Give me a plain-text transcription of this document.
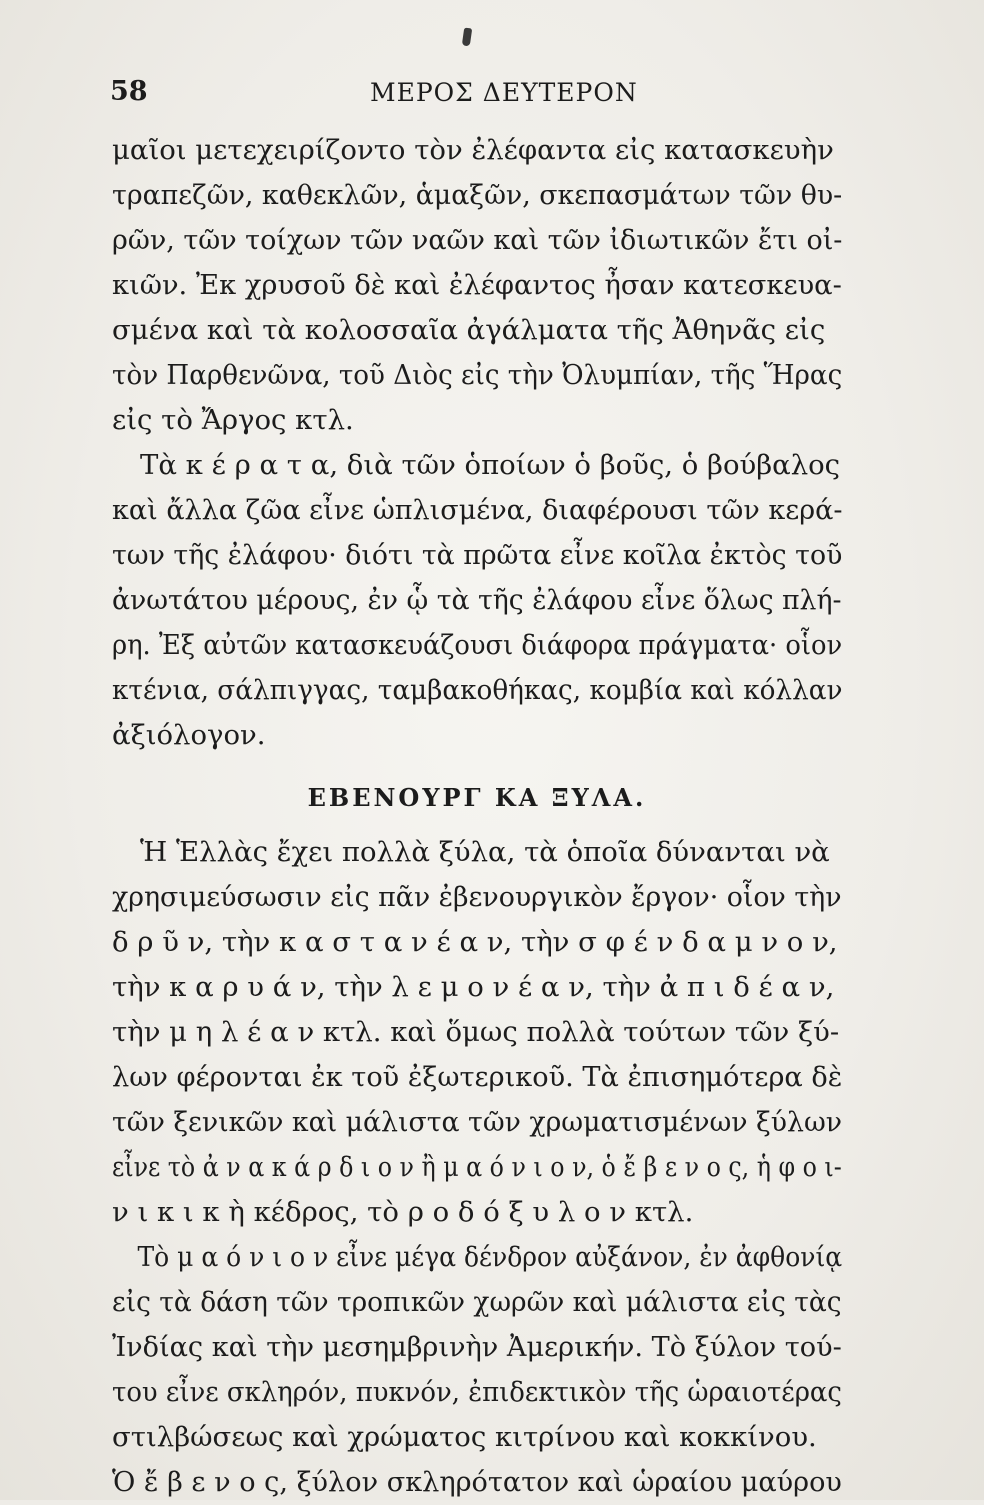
58	ΜΕΡΟΣ ΔΕΥΤΕΡΟΝ
μαῖοι μετεχειρίζοντο τὸν ἐλέφαντα εἰς κατασκευὴν
τραπεζῶν, καθεκλῶν, ἁμαξῶν, σκεπασμάτων τῶν θυ-
ρῶν, τῶν τοίχων τῶν ναῶν καὶ τῶν ἰδιωτικῶν ἔτι οἰ-
κιῶν. Ἐκ χρυσοῦ δὲ καὶ ἐλέφαντος ἦσαν κατεσκευα-
σμένα καὶ τὰ κολοσσαῖα ἀγάλματα τῆς Ἀθηνᾶς εἰς
τὸν Παρθενῶνα, τοῦ Διὸς εἰς τὴν Ὀλυμπίαν, τῆς Ἥρας
εἰς τὸ Ἄργος κτλ.
Τὰ κ έ ρ α τ α, διὰ τῶν ὁποίων ὁ βοῦς, ὁ βούβαλος
καὶ ἄλλα ζῶα εἶνε ὡπλισμένα, διαφέρουσι τῶν κερά-
των τῆς ἐλάφου· διότι τὰ πρῶτα εἶνε κοῖλα ἐκτὸς τοῦ
ἀνωτάτου μέρους, ἐν ᾧ τὰ τῆς ἐλάφου εἶνε ὅλως πλή-
ρη. Ἐξ αὐτῶν κατασκευάζουσι διάφορα πράγματα· οἷον
κτένια, σάλπιγγας, ταμβακοθήκας, κομβία καὶ κόλλαν
ἀξιόλογον.
ΕΒΕΝΟΥΡΓ ΚΑ ΞΥΛΑ.
Ἡ Ἑλλὰς ἔχει πολλὰ ξύλα, τὰ ὁποῖα δύνανται νὰ
χρησιμεύσωσιν εἰς πᾶν ἐβενουργικὸν ἔργον· οἷον τὴν
δ ρ ῦ ν, τὴν κ α σ τ α ν έ α ν, τὴν σ φ έ ν δ α μ ν ο ν,
τὴν κ α ρ υ ά ν, τὴν λ ε μ ο ν έ α ν, τὴν ἀ π ι δ έ α ν,
τὴν μ η λ έ α ν κτλ. καὶ ὅμως πολλὰ τούτων τῶν ξύ-
λων φέρονται ἐκ τοῦ ἐξωτερικοῦ. Τὰ ἐπισημότερα δὲ
τῶν ξενικῶν καὶ μάλιστα τῶν χρωματισμένων ξύλων
εἶνε τὸ ἀ ν α κ ά ρ δ ι ο ν ἢ μ α ό ν ι ο ν, ὁ ἔ β ε ν ο ς, ἡ φ ο ι-
ν ι κ ι κ ὴ κέδρος, τὸ ρ ο δ ό ξ υ λ ο ν κτλ.
Τὸ μ α ό ν ι ο ν εἶνε μέγα δένδρον αὐξάνον, ἐν ἀφθονίᾳ
εἰς τὰ δάση τῶν τροπικῶν χωρῶν καὶ μάλιστα εἰς τὰς
Ἰνδίας καὶ τὴν μεσημβρινὴν Ἀμερικήν. Τὸ ξύλον τού-
του εἶνε σκληρόν, πυκνόν, ἐπιδεκτικὸν τῆς ὡραιοτέρας
στιλβώσεως καὶ χρώματος κιτρίνου καὶ κοκκίνου.
Ὁ ἔ β ε ν ο ς, ξύλον σκληρότατον καὶ ὡραίου μαύρου
